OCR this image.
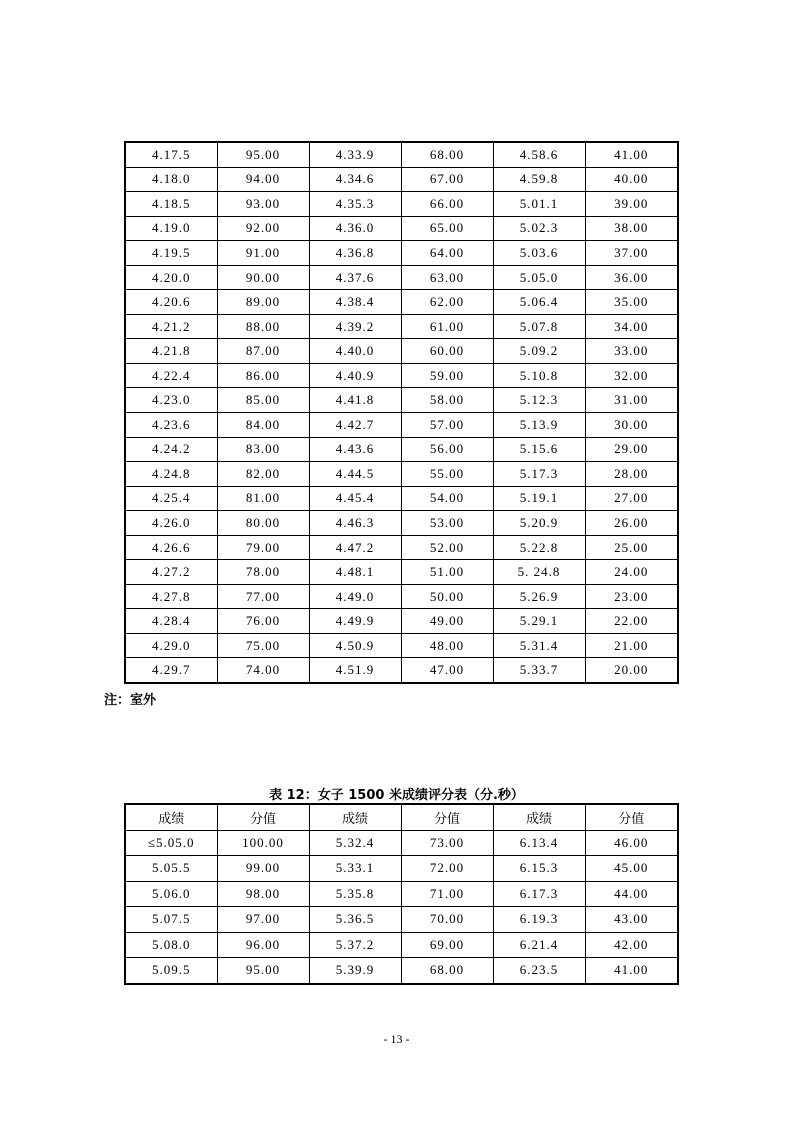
4.17.5	95.00	4.33.9	68.00	4.58.6	41.00
4.18.0	94.00	4.34.6	67.00	4.59.8	40.00
4.18.5	93.00	4.35.3	66.00	5.01.1	39.00
4.19.0	92.00	4.36.0	65.00	5.02.3	38.00
4.19.5	91.00	4.36.8	64.00	5.03.6	37.00
4.20.0	90.00	4.37.6	63.00	5.05.0	36.00
4.20.6	89.00	4.38.4	62.00	5.06.4	35.00
4.21.2	88.00	4.39.2	61.00	5.07.8	34.00
4.21.8	87.00	4.40.0	60.00	5.09.2	33.00
4.22.4	86.00	4.40.9	59.00	5.10.8	32.00
4.23.0	85.00	4.41.8	58.00	5.12.3	31.00
4.23.6	84.00	4.42.7	57.00	5.13.9	30.00
4.24.2	83.00	4.43.6	56.00	5.15.6	29.00
4.24.8	82.00	4.44.5	55.00	5.17.3	28.00
4.25.4	81.00	4.45.4	54.00	5.19.1	27.00
4.26.0	80.00	4.46.3	53.00	5.20.9	26.00
4.26.6	79.00	4.47.2	52.00	5.22.8	25.00
4.27.2	78.00	4.48.1	51.00	5. 24.8	24.00
4.27.8	77.00	4.49.0	50.00	5.26.9	23.00
4.28.4	76.00	4.49.9	49.00	5.29.1	22.00
4.29.0	75.00	4.50.9	48.00	5.31.4	21.00
4.29.7	74.00	4.51.9	47.00	5.33.7	20.00
注：室外
表 12：女子 1500 米成绩评分表（分.秒）
成绩	分值	成绩	分值	成绩	分值
≤5.05.0	100.00	5.32.4	73.00	6.13.4	46.00
5.05.5	99.00	5.33.1	72.00	6.15.3	45.00
5.06.0	98.00	5.35.8	71.00	6.17.3	44.00
5.07.5	97.00	5.36.5	70.00	6.19.3	43.00
5.08.0	96.00	5.37.2	69.00	6.21.4	42.00
5.09.5	95.00	5.39.9	68.00	6.23.5	41.00
- 13 -
